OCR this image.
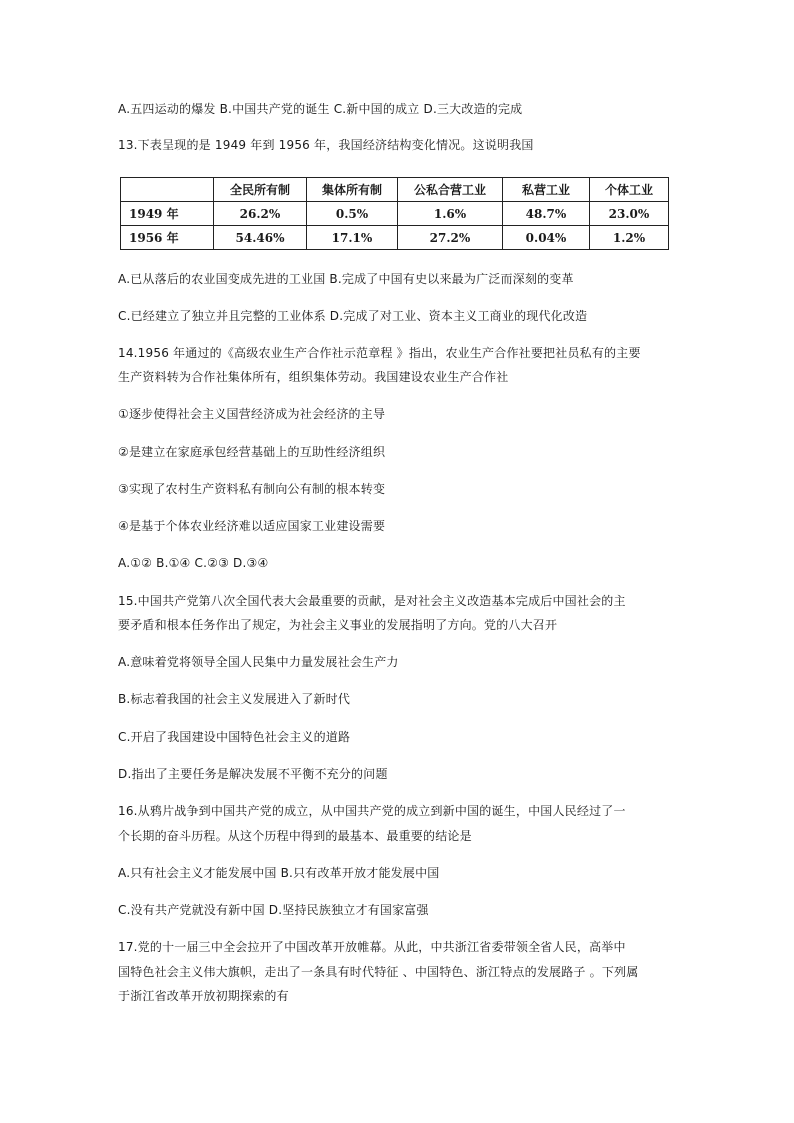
A.五四运动的爆发 B.中国共产党的诞生 C.新中国的成立 D.三大改造的完成
13.下表呈现的是 1949 年到 1956 年，我国经济结构变化情况。这说明我国
	全民所有制	集体所有制	公私合营工业	私营工业	个体工业
1949 年	26.2%	0.5%	1.6%	48.7%	23.0%
1956 年	54.46%	17.1%	27.2%	0.04%	1.2%
A.已从落后的农业国变成先进的工业国 B.完成了中国有史以来最为广泛而深刻的变革
C.已经建立了独立并且完整的工业体系 D.完成了对工业、资本主义工商业的现代化改造
14.1956 年通过的《高级农业生产合作社示范章程 》指出，农业生产合作社要把社员私有的主要
生产资料转为合作社集体所有，组织集体劳动。我国建设农业生产合作社
①逐步使得社会主义国营经济成为社会经济的主导
②是建立在家庭承包经营基础上的互助性经济组织
③实现了农村生产资料私有制向公有制的根本转变
④是基于个体农业经济难以适应国家工业建设需要
A.①② B.①④ C.②③ D.③④
15.中国共产党第八次全国代表大会最重要的贡献，是对社会主义改造基本完成后中国社会的主
要矛盾和根本任务作出了规定，为社会主义事业的发展指明了方向。党的八大召开
A.意味着党将领导全国人民集中力量发展社会生产力
B.标志着我国的社会主义发展进入了新时代
C.开启了我国建设中国特色社会主义的道路
D.指出了主要任务是解决发展不平衡不充分的问题
16.从鸦片战争到中国共产党的成立，从中国共产党的成立到新中国的诞生，中国人民经过了一
个长期的奋斗历程。从这个历程中得到的最基本、最重要的结论是
A.只有社会主义才能发展中国 B.只有改革开放才能发展中国
C.没有共产党就没有新中国 D.坚持民族独立才有国家富强
17.党的十一届三中全会拉开了中国改革开放帷幕。从此，中共浙江省委带领全省人民，高举中
国特色社会主义伟大旗帜，走出了一条具有时代特征 、中国特色、浙江特点的发展路子 。下列属
于浙江省改革开放初期探索的有
